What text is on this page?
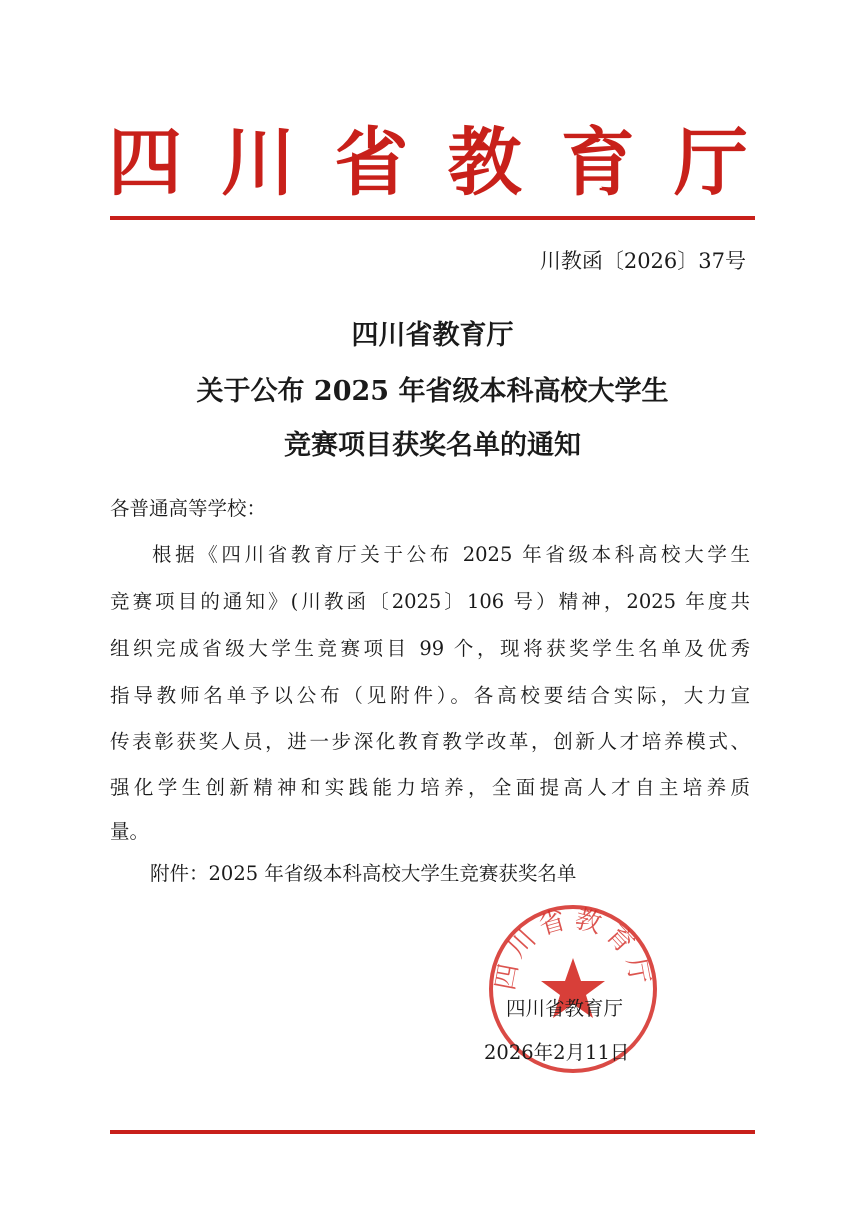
四 川 省 教 育 厅
川教函〔2026〕37号
四川省教育厅
关于公布 2025 年省级本科高校大学生
竞赛项目获奖名单的通知
各普通高等学校：
根据《四川省教育厅关于公布 2025 年省级本科高校大学生
竞赛项目的通知》(川教函〔2025〕106 号）精神，2025 年度共
组织完成省级大学生竞赛项目 99 个，现将获奖学生名单及优秀
指导教师名单予以公布（见附件）。各高校要结合实际，大力宣
传表彰获奖人员，进一步深化教育教学改革，创新人才培养模式、
强化学生创新精神和实践能力培养，全面提高人才自主培养质
量。
附件：2025 年省级本科高校大学生竞赛获奖名单
四川省教育厅
四川省教育厅
2026年2月11日
